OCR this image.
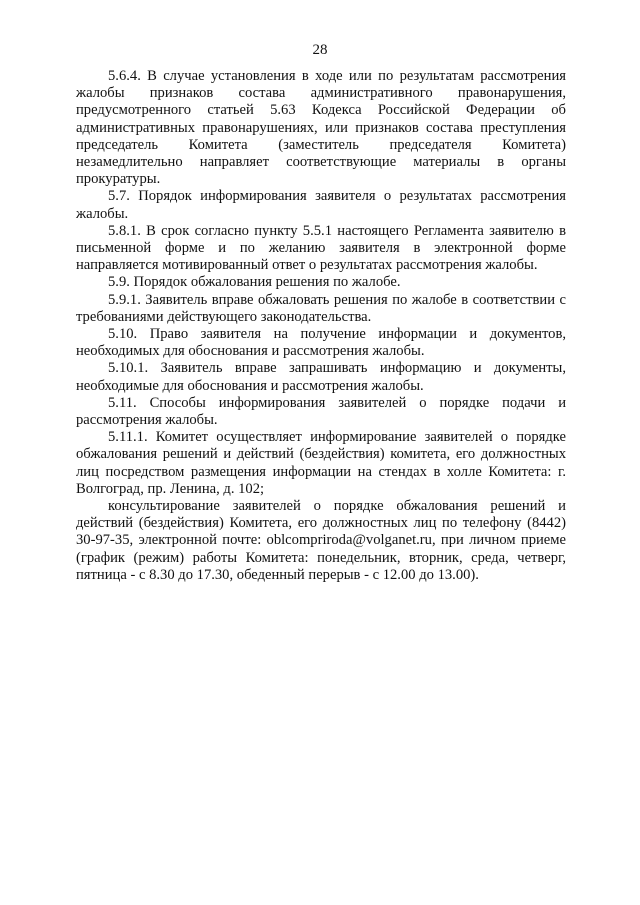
28

5.6.4. В случае установления в ходе или по результатам рассмотрения жалобы признаков состава административного правонарушения, предусмотренного статьей 5.63 Кодекса Российской Федерации об административных правонарушениях, или признаков состава преступления председатель Комитета (заместитель председателя Комитета) незамедлительно направляет соответствующие материалы в органы прокуратуры.

5.7. Порядок информирования заявителя о результатах рассмотрения жалобы.

5.8.1. В срок согласно пункту 5.5.1 настоящего Регламента заявителю в письменной форме и по желанию заявителя в электронной форме направляется мотивированный ответ о результатах рассмотрения жалобы.

5.9. Порядок обжалования решения по жалобе.

5.9.1. Заявитель вправе обжаловать решения по жалобе в соответствии с требованиями действующего законодательства.

5.10. Право заявителя на получение информации и документов, необходимых для обоснования и рассмотрения жалобы.

5.10.1. Заявитель вправе запрашивать информацию и документы, необходимые для обоснования и рассмотрения жалобы.

5.11. Способы информирования заявителей о порядке подачи и рассмотрения жалобы.

5.11.1. Комитет осуществляет информирование заявителей о порядке обжалования решений и действий (бездействия) комитета, его должностных лиц посредством размещения информации на стендах в холле Комитета: г. Волгоград, пр. Ленина, д. 102;

консультирование заявителей о порядке обжалования решений и действий (бездействия) Комитета, его должностных лиц по телефону (8442) 30-97-35, электронной почте: oblcompriroda@volganet.ru, при личном приеме (график (режим) работы Комитета: понедельник, вторник, среда, четверг, пятница - с 8.30 до 17.30, обеденный перерыв - с 12.00 до 13.00).
